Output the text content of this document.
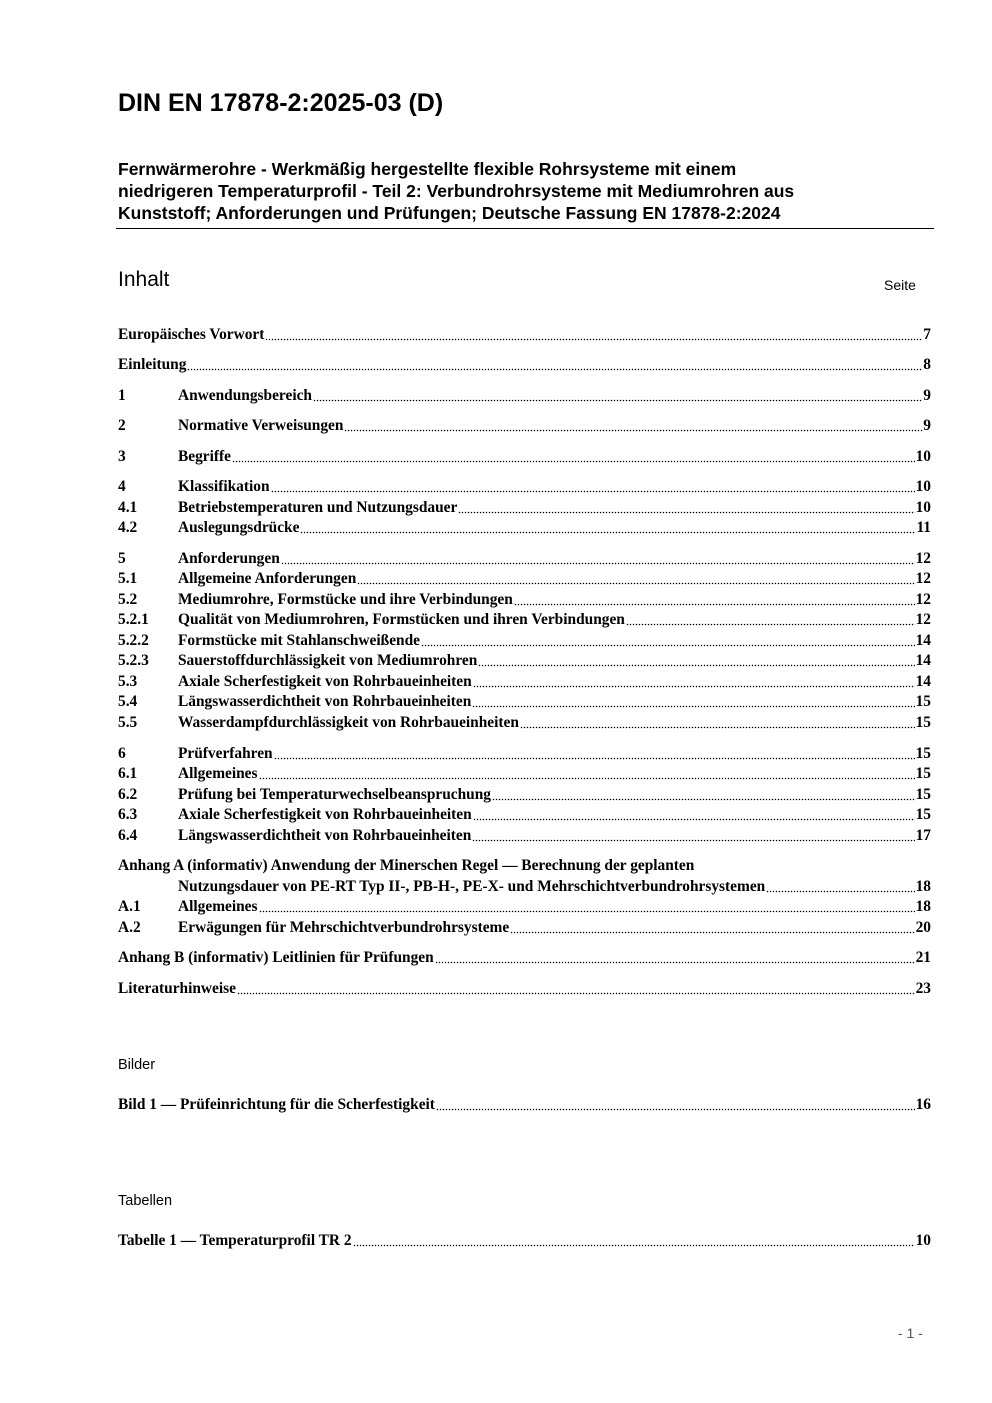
DIN EN 17878-2:2025-03 (D)
Fernwärmerohre - Werkmäßig hergestellte flexible Rohrsysteme mit einem
niedrigeren Temperaturprofil - Teil 2: Verbundrohrsysteme mit Mediumrohren aus
Kunststoff; Anforderungen und Prüfungen; Deutsche Fassung EN 17878-2:2024
Inhalt	Seite
Europäisches Vorwort	7
Einleitung	8
1	Anwendungsbereich	9
2	Normative Verweisungen	9
3	Begriffe	10
4	Klassifikation	10
4.1	Betriebstemperaturen und Nutzungsdauer	10
4.2	Auslegungsdrücke	11
5	Anforderungen	12
5.1	Allgemeine Anforderungen	12
5.2	Mediumrohre, Formstücke und ihre Verbindungen	12
5.2.1	Qualität von Mediumrohren, Formstücken und ihren Verbindungen	12
5.2.2	Formstücke mit Stahlanschweißende	14
5.2.3	Sauerstoffdurchlässigkeit von Mediumrohren	14
5.3	Axiale Scherfestigkeit von Rohrbaueinheiten	14
5.4	Längswasserdichtheit von Rohrbaueinheiten	15
5.5	Wasserdampfdurchlässigkeit von Rohrbaueinheiten	15
6	Prüfverfahren	15
6.1	Allgemeines	15
6.2	Prüfung bei Temperaturwechselbeanspruchung	15
6.3	Axiale Scherfestigkeit von Rohrbaueinheiten	15
6.4	Längswasserdichtheit von Rohrbaueinheiten	17
Anhang A (informativ) Anwendung der Minerschen Regel — Berechnung der geplanten
Nutzungsdauer von PE-RT Typ II-, PB-H-, PE-X- und Mehrschichtverbundrohrsystemen	18
A.1	Allgemeines	18
A.2	Erwägungen für Mehrschichtverbundrohrsysteme	20
Anhang B (informativ) Leitlinien für Prüfungen	21
Literaturhinweise	23
Bilder
Bild 1 — Prüfeinrichtung für die Scherfestigkeit	16
Tabellen
Tabelle 1 — Temperaturprofil TR 2	10
- 1 -
